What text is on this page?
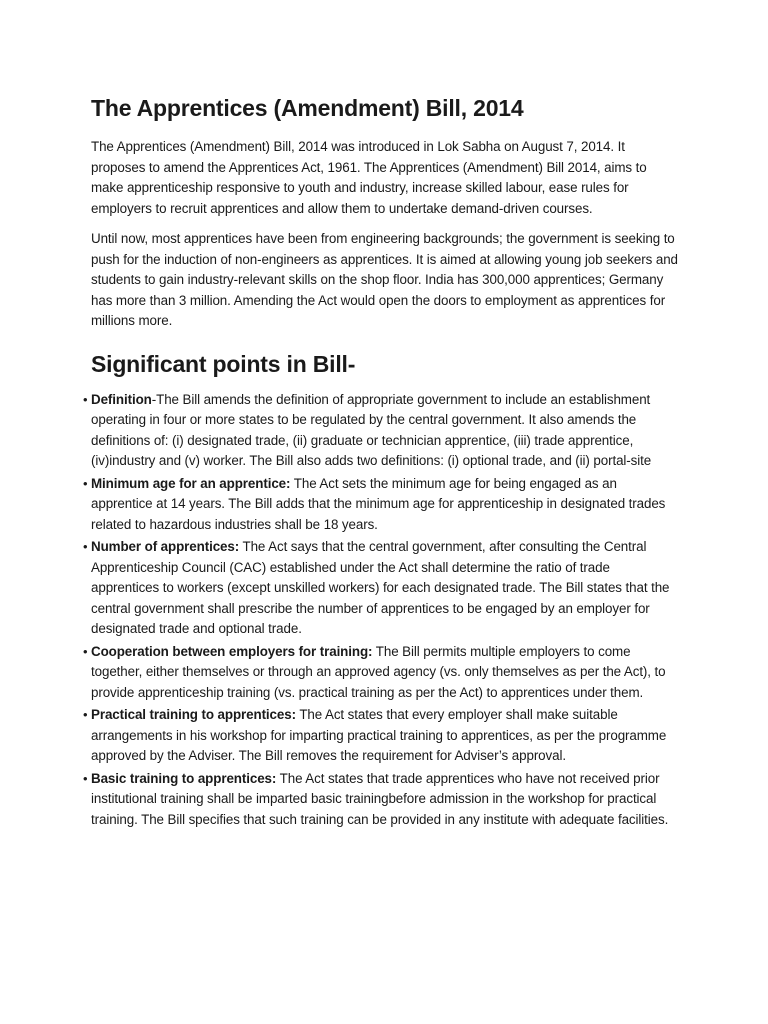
The Apprentices (Amendment) Bill, 2014

The Apprentices (Amendment) Bill, 2014 was introduced in Lok Sabha on August 7, 2014. It proposes to amend the Apprentices Act, 1961. The Apprentices (Amendment) Bill 2014, aims to make apprenticeship responsive to youth and industry, increase skilled labour, ease rules for employers to recruit apprentices and allow them to undertake demand-driven courses.

Until now, most apprentices have been from engineering backgrounds; the government is seeking to push for the induction of non-engineers as apprentices. It is aimed at allowing young job seekers and students to gain industry-relevant skills on the shop floor. India has 300,000 apprentices; Germany has more than 3 million. Amending the Act would open the doors to employment as apprentices for millions more.

Significant points in Bill-
• Definition-The Bill amends the definition of appropriate government to include an establishment operating in four or more states to be regulated by the central government. It also amends the definitions of: (i) designated trade, (ii) graduate or technician apprentice, (iii) trade apprentice, (iv)industry and (v) worker. The Bill also adds two definitions: (i) optional trade, and (ii) portal-site
• Minimum age for an apprentice: The Act sets the minimum age for being engaged as an apprentice at 14 years. The Bill adds that the minimum age for apprenticeship in designated trades related to hazardous industries shall be 18 years.
• Number of apprentices: The Act says that the central government, after consulting the Central Apprenticeship Council (CAC) established under the Act shall determine the ratio of trade apprentices to workers (except unskilled workers) for each designated trade. The Bill states that the central government shall prescribe the number of apprentices to be engaged by an employer for designated trade and optional trade.
• Cooperation between employers for training: The Bill permits multiple employers to come together, either themselves or through an approved agency (vs. only themselves as per the Act), to provide apprenticeship training (vs. practical training as per the Act) to apprentices under them.
• Practical training to apprentices: The Act states that every employer shall make suitable arrangements in his workshop for imparting practical training to apprentices, as per the programme approved by the Adviser. The Bill removes the requirement for Adviser’s approval.
• Basic training to apprentices: The Act states that trade apprentices who have not received prior institutional training shall be imparted basic trainingbefore admission in the workshop for practical training. The Bill specifies that such training can be provided in any institute with adequate facilities.
